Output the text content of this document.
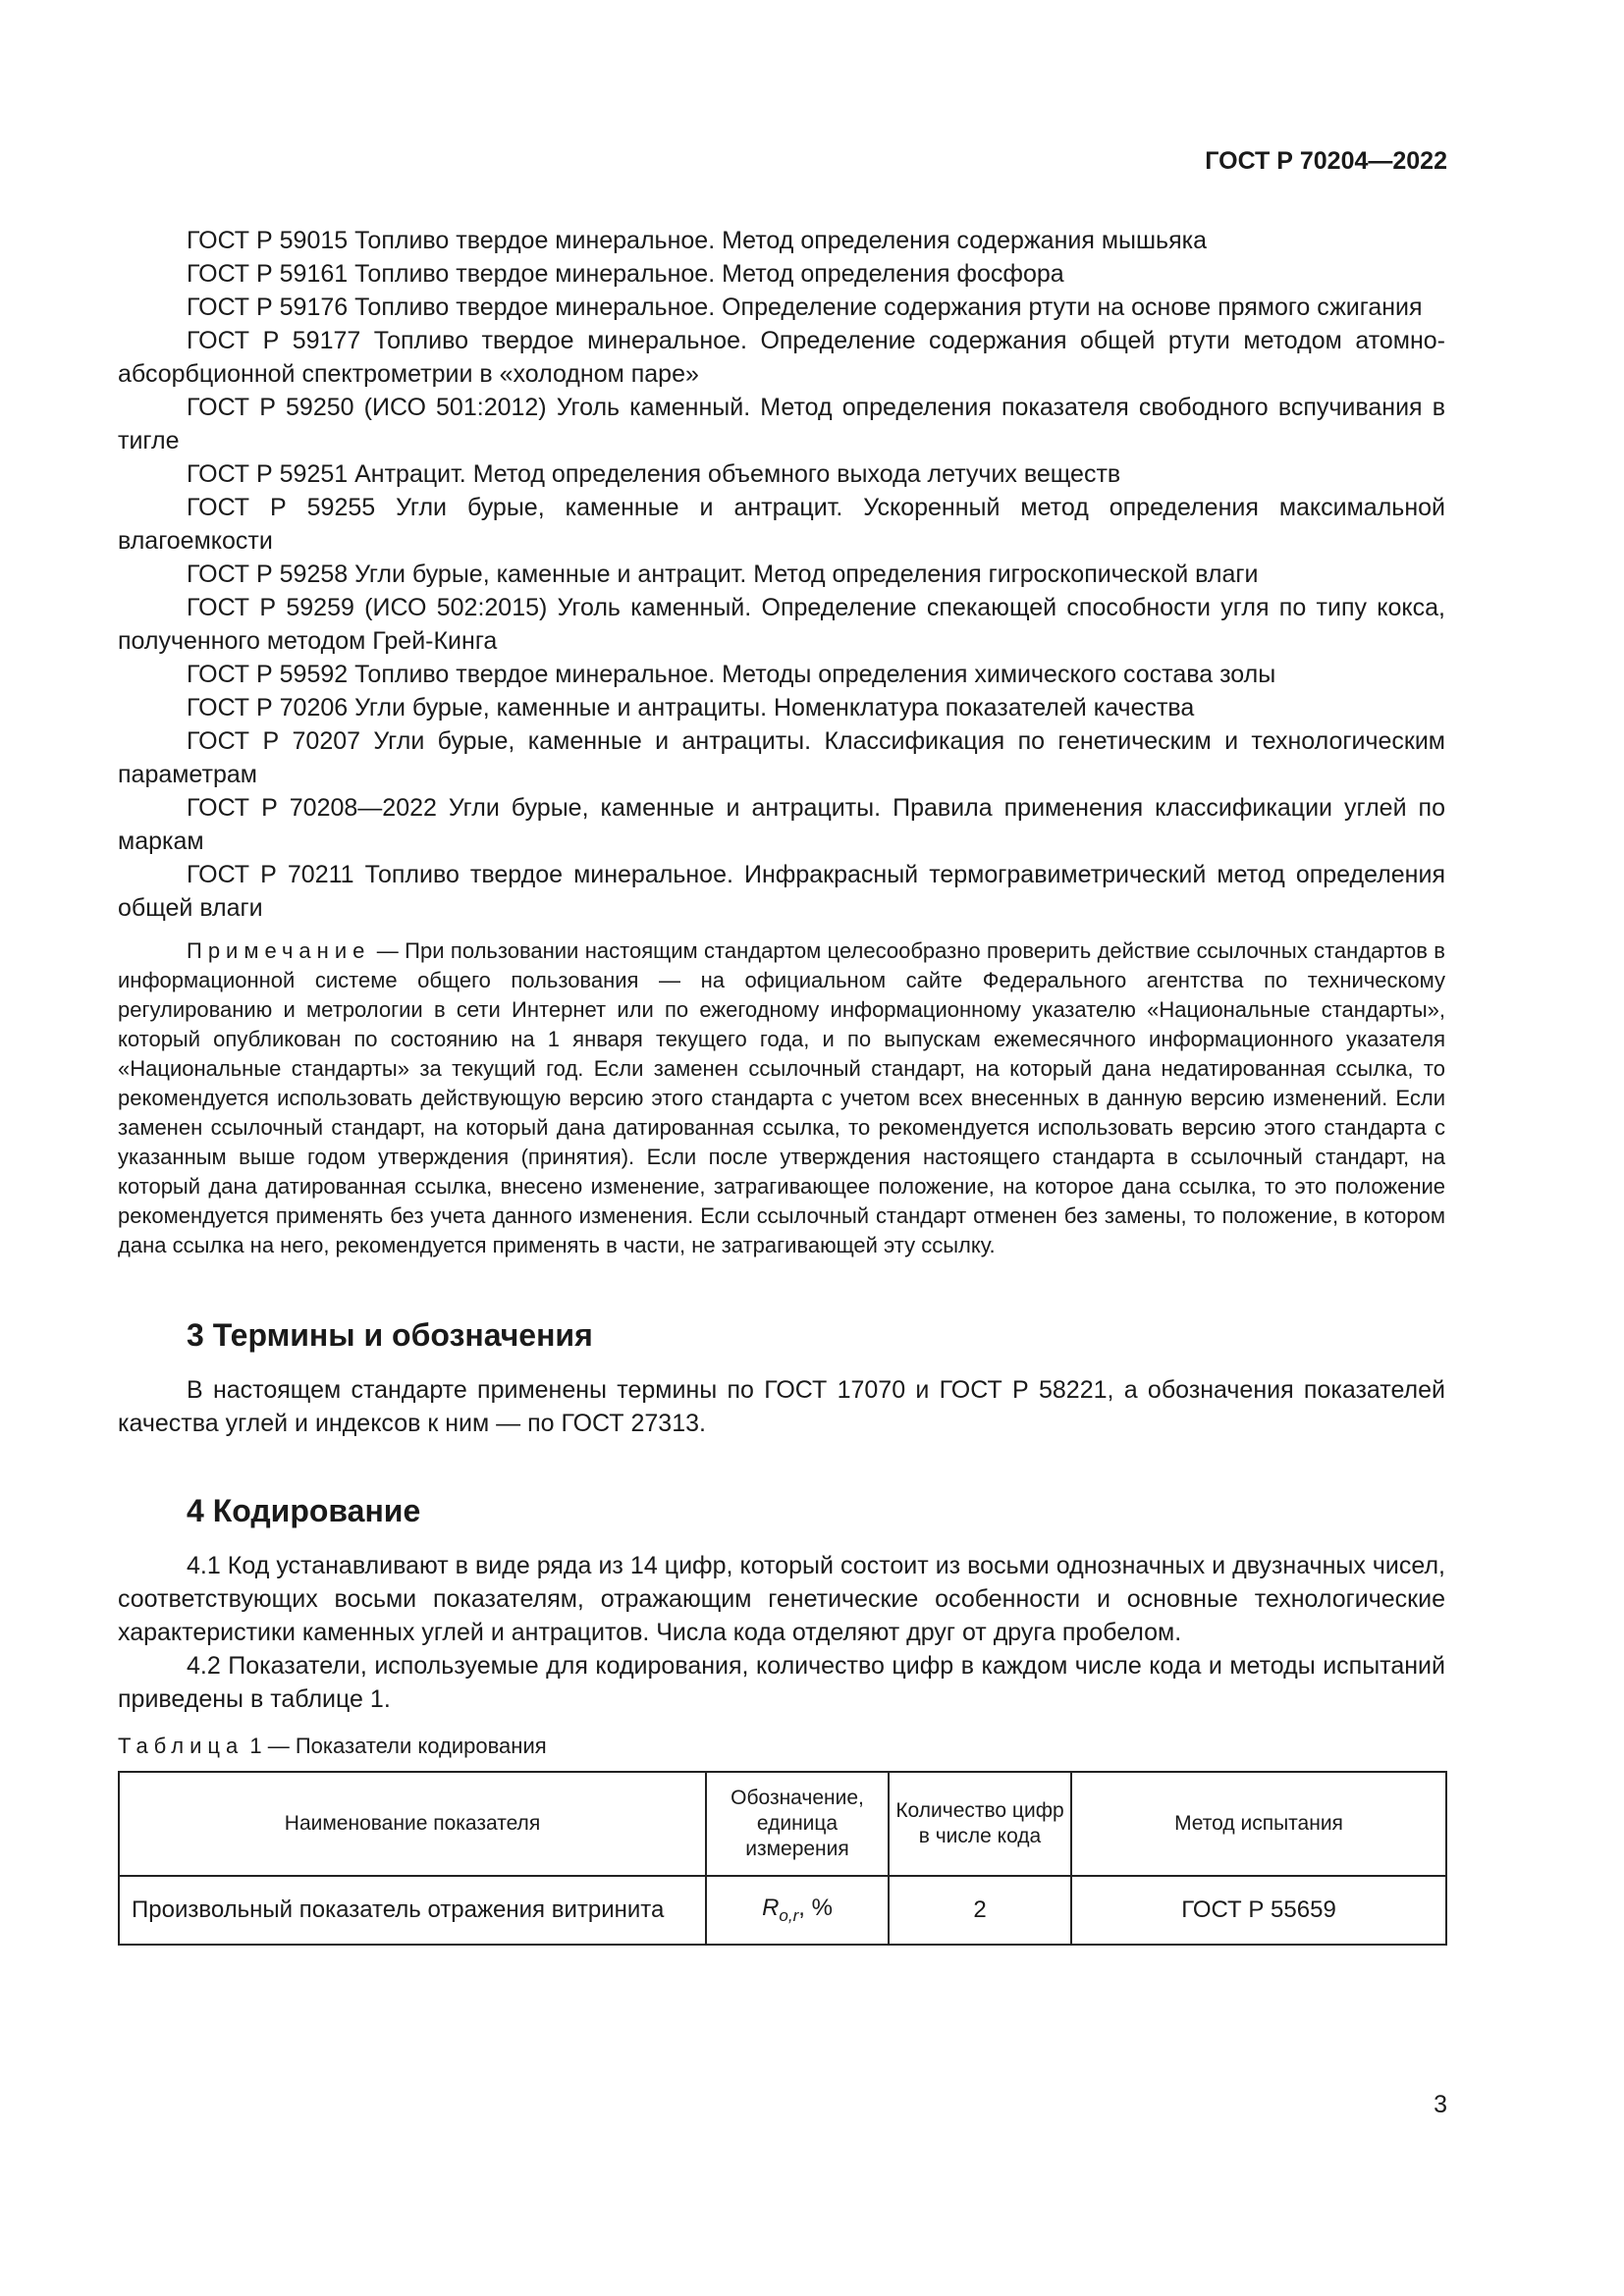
ГОСТ Р 70204—2022

ГОСТ Р 59015 Топливо твердое минеральное. Метод определения содержания мышьяка

ГОСТ Р 59161 Топливо твердое минеральное. Метод определения фосфора

ГОСТ Р 59176 Топливо твердое минеральное. Определение содержания ртути на основе прямого сжигания

ГОСТ Р 59177 Топливо твердое минеральное. Определение содержания общей ртути методом атомно-абсорбционной спектрометрии в «холодном паре»

ГОСТ Р 59250 (ИСО 501:2012) Уголь каменный. Метод определения показателя свободного вспучивания в тигле

ГОСТ Р 59251 Антрацит. Метод определения объемного выхода летучих веществ

ГОСТ Р 59255 Угли бурые, каменные и антрацит. Ускоренный метод определения максимальной влагоемкости

ГОСТ Р 59258 Угли бурые, каменные и антрацит. Метод определения гигроскопической влаги

ГОСТ Р 59259 (ИСО 502:2015) Уголь каменный. Определение спекающей способности угля по типу кокса, полученного методом Грей-Кинга

ГОСТ Р 59592 Топливо твердое минеральное. Методы определения химического состава золы

ГОСТ Р 70206 Угли бурые, каменные и антрациты. Номенклатура показателей качества

ГОСТ Р 70207 Угли бурые, каменные и антрациты. Классификация по генетическим и технологическим параметрам

ГОСТ Р 70208—2022 Угли бурые, каменные и антрациты. Правила применения классификации углей по маркам

ГОСТ Р 70211 Топливо твердое минеральное. Инфракрасный термогравиметрический метод определения общей влаги

Примечание — При пользовании настоящим стандартом целесообразно проверить действие ссылочных стандартов в информационной системе общего пользования — на официальном сайте Федерального агентства по техническому регулированию и метрологии в сети Интернет или по ежегодному информационному указателю «Национальные стандарты», который опубликован по состоянию на 1 января текущего года, и по выпускам ежемесячного информационного указателя «Национальные стандарты» за текущий год. Если заменен ссылочный стандарт, на который дана недатированная ссылка, то рекомендуется использовать действующую версию этого стандарта с учетом всех внесенных в данную версию изменений. Если заменен ссылочный стандарт, на который дана датированная ссылка, то рекомендуется использовать версию этого стандарта с указанным выше годом утверждения (принятия). Если после утверждения настоящего стандарта в ссылочный стандарт, на который дана датированная ссылка, внесено изменение, затрагивающее положение, на которое дана ссылка, то это положение рекомендуется применять без учета данного изменения. Если ссылочный стандарт отменен без замены, то положение, в котором дана ссылка на него, рекомендуется применять в части, не затрагивающей эту ссылку.

3 Термины и обозначения

В настоящем стандарте применены термины по ГОСТ 17070 и ГОСТ Р 58221, а обозначения показателей качества углей и индексов к ним — по ГОСТ 27313.

4 Кодирование

4.1 Код устанавливают в виде ряда из 14 цифр, который состоит из восьми однозначных и двузначных чисел, соответствующих восьми показателям, отражающим генетические особенности и основные технологические характеристики каменных углей и антрацитов. Числа кода отделяют друг от друга пробелом.

4.2 Показатели, используемые для кодирования, количество цифр в каждом числе кода и методы испытаний приведены в таблице 1.

Таблица 1 — Показатели кодирования
Наименование показателя	Обозначение, единица измерения	Количество цифр в числе кода	Метод испытания
Произвольный показатель отражения витринита	$R_{o,r}$, %	2	ГОСТ Р 55659
3
